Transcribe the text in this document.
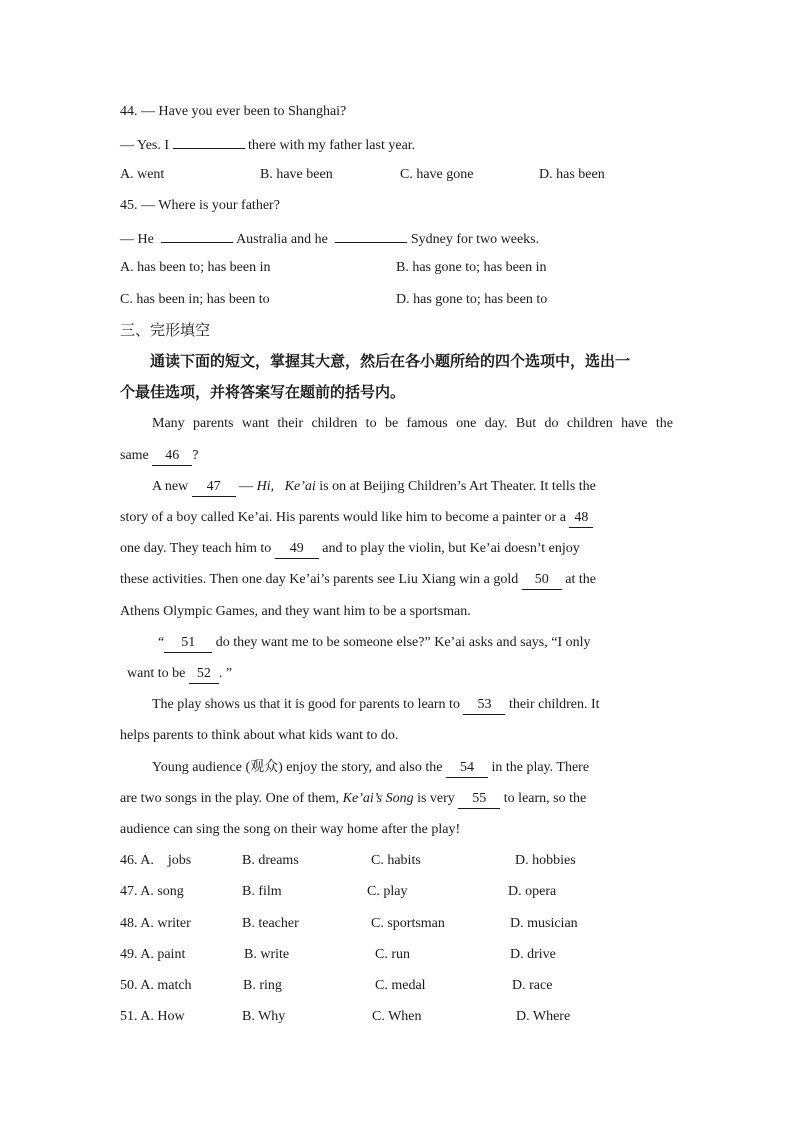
44. — Have you ever been to Shanghai?
— Yes. I	there with my father last year.
A. went	B. have been	C. have gone	D. has been
45. — Where is your father?
— He	Australia and he	Sydney for two weeks.
A. has been to; has been in	B. has gone to; has been in
C. has been in; has been to	D. has gone to; has been to
三、完形填空
通读下面的短文，掌握其大意，然后在各小题所给的四个选项中，选出一
个最佳选项，并将答案写在题前的括号内。
Many parents want their children to be famous one day. But do children have the
same 46 ?
A new 47 — Hi,   Ke’ai is on at Beijing Children’s Art Theater. It tells the
story of a boy called Ke’ai. His parents would like him to become a painter or a 48
one day. They teach him to 49 and to play the violin, but Ke’ai doesn’t enjoy
these activities. Then one day Ke’ai’s parents see Liu Xiang win a gold 50 at the
Athens Olympic Games, and they want him to be a sportsman.
“ 51 do they want me to be someone else?” Ke’ai asks and says, “I only
want to be 52 . ”
The play shows us that it is good for parents to learn to 53 their children. It
helps parents to think about what kids want to do.
Young audience (观众) enjoy the story, and also the 54 in the play. There
are two songs in the play. One of them, Ke’ai’s Song is very 55 to learn, so the
audience can sing the song on their way home after the play!
46. A.    jobs	B. dreams	C. habits	D. hobbies
47. A. song	B. film	C. play	D. opera
48. A. writer	B. teacher	C. sportsman	D. musician
49. A. paint	B. write	C. run	D. drive
50. A. match	B. ring	C. medal	D. race
51. A. How	B. Why	C. When	D. Where
